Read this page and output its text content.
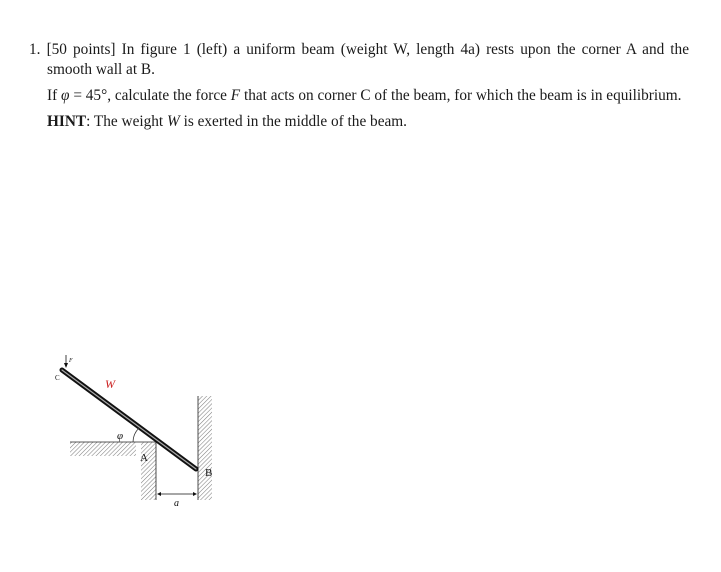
1. [50 points] In figure 1 (left) a uniform beam (weight W, length 4a) rests upon the corner A and the smooth wall at B.

If φ = 45°, calculate the force F that acts on corner C of the beam, for which the beam is in equilibrium.

HINT: The weight W is exerted in the middle of the beam.

F
C	W
φ
A
B
a
